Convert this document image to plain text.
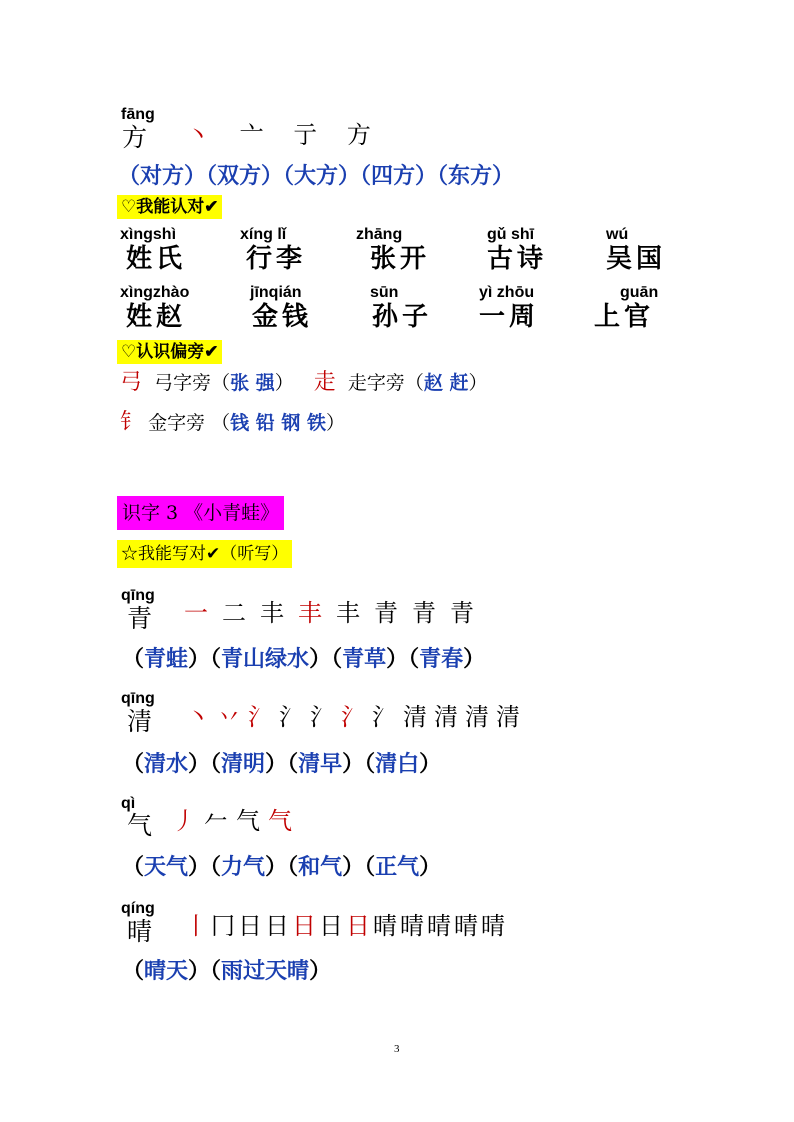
fāng
方 丶 亠 亍 方
（对方）（双方）（大方）（四方）（东方）
♡我能认对✔
xìngshì
姓氏
xíng lǐ
行李
zhāng
张开
gǔ shī
古诗
wú
吴国
xìngzhào
姓赵
jīnqián
金钱
sūn
孙子
yì zhōu
一周
guān
上官
♡认识偏旁✔
弓 弓字旁（张 强） 走 走字旁（赵 赶）
钅 金字旁 （钱 铅 钢 铁）
识字 3 《小青蛙》
☆我能写对✔（听写）
qīng
青 一二丰丰丰青青青
（青蛙）（青山绿水）（青草）（青春）
qīng
清 丶丷氵氵氵氵氵清清清清
（清水）（清明）（清早）（清白）
qì
气 丿𠂉气气
（天气）（力气）（和气）（正气）
qíng
晴 丨冂日日日日日晴晴晴晴晴
（晴天）（雨过天晴）
3
